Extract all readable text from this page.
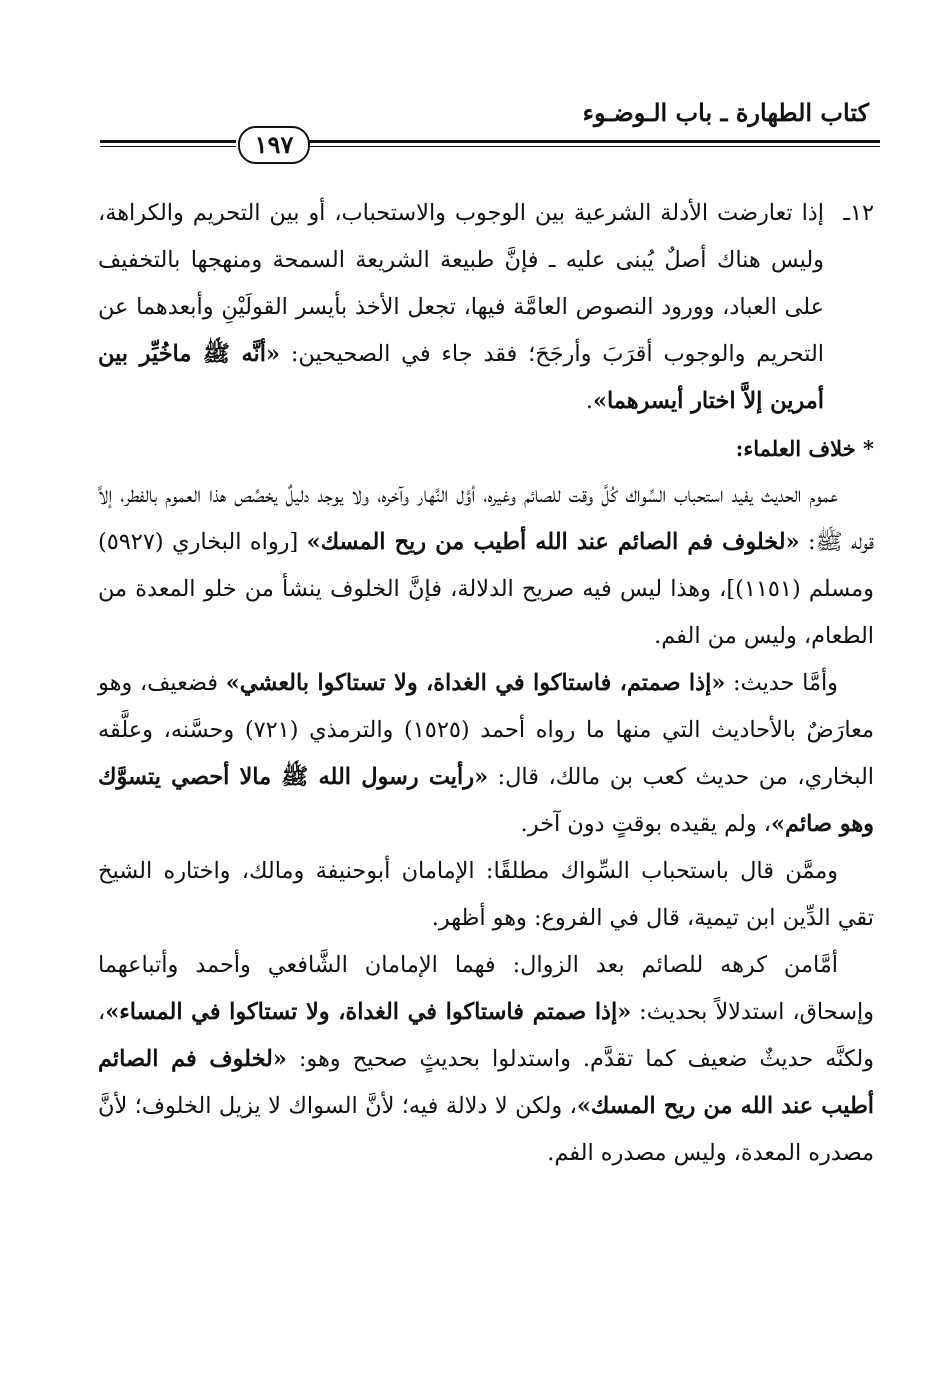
كتاب الطهارة ـ باب الـوضـوء
١٩٧

١٢ـ
إذا تعارضت الأدلة الشرعية بين الوجوب والاستحباب، أو بين التحريم والكراهة، وليس هناك أصلٌ يُبنى عليه ـ فإنَّ طبيعة الشريعة السمحة ومنهجها بالتخفيف على العباد، وورود النصوص العامَّة فيها، تجعل الأخذ بأيسر القولَيْنِ وأبعدهما عن التحريم والوجوب أقرَبَ وأرجَحَ؛ فقد جاء في الصحيحين: «أنَّه ﷺ ماخُيِّر بين أمرين إلاَّ اختار أيسرهما».

* خلاف العلماء:

عموم الحديث يفيد استحباب السِّواك كُلَّ وقت للصائم وغيره، أوَّل النَّهار وآخره، ولا يوجد دليلٌ يخصِّص هذا العموم بالفطر، إلاَّ قوله ﷺ: «لخلوف فم الصائم عند الله أطيب من ريح المسك» [رواه البخاري (٥٩٢٧) ومسلم (١١٥١)]، وهذا ليس فيه صريح الدلالة، فإنَّ الخلوف ينشأ من خلو المعدة من الطعام، وليس من الفم.

وأمَّا حديث: «إذا صمتم، فاستاكوا في الغداة، ولا تستاكوا بالعشي» فضعيف، وهو معارَضٌ بالأحاديث التي منها ما رواه أحمد (١٥٢٥) والترمذي (٧٢١) وحسَّنه، وعلَّقه البخاري، من حديث كعب بن مالك، قال: «رأيت رسول الله ﷺ مالا أحصي يتسوَّك وهو صائم»، ولم يقيده بوقتٍ دون آخر.

وممَّن قال باستحباب السِّواك مطلقًا: الإمامان أبوحنيفة ومالك، واختاره الشيخ تقي الدِّين ابن تيمية، قال في الفروع: وهو أظهر.

أمَّامن كرهه للصائم بعد الزوال: فهما الإمامان الشَّافعي وأحمد وأتباعهما وإسحاق، استدلالاً بحديث: «إذا صمتم فاستاكوا في الغداة، ولا تستاكوا في المساء»، ولكنَّه حديثٌ ضعيف كما تقدَّم. واستدلوا بحديثٍ صحيح وهو: «لخلوف فم الصائم أطيب عند الله من ريح المسك»، ولكن لا دلالة فيه؛ لأنَّ السواك لا يزيل الخلوف؛ لأنَّ مصدره المعدة، وليس مصدره الفم.
